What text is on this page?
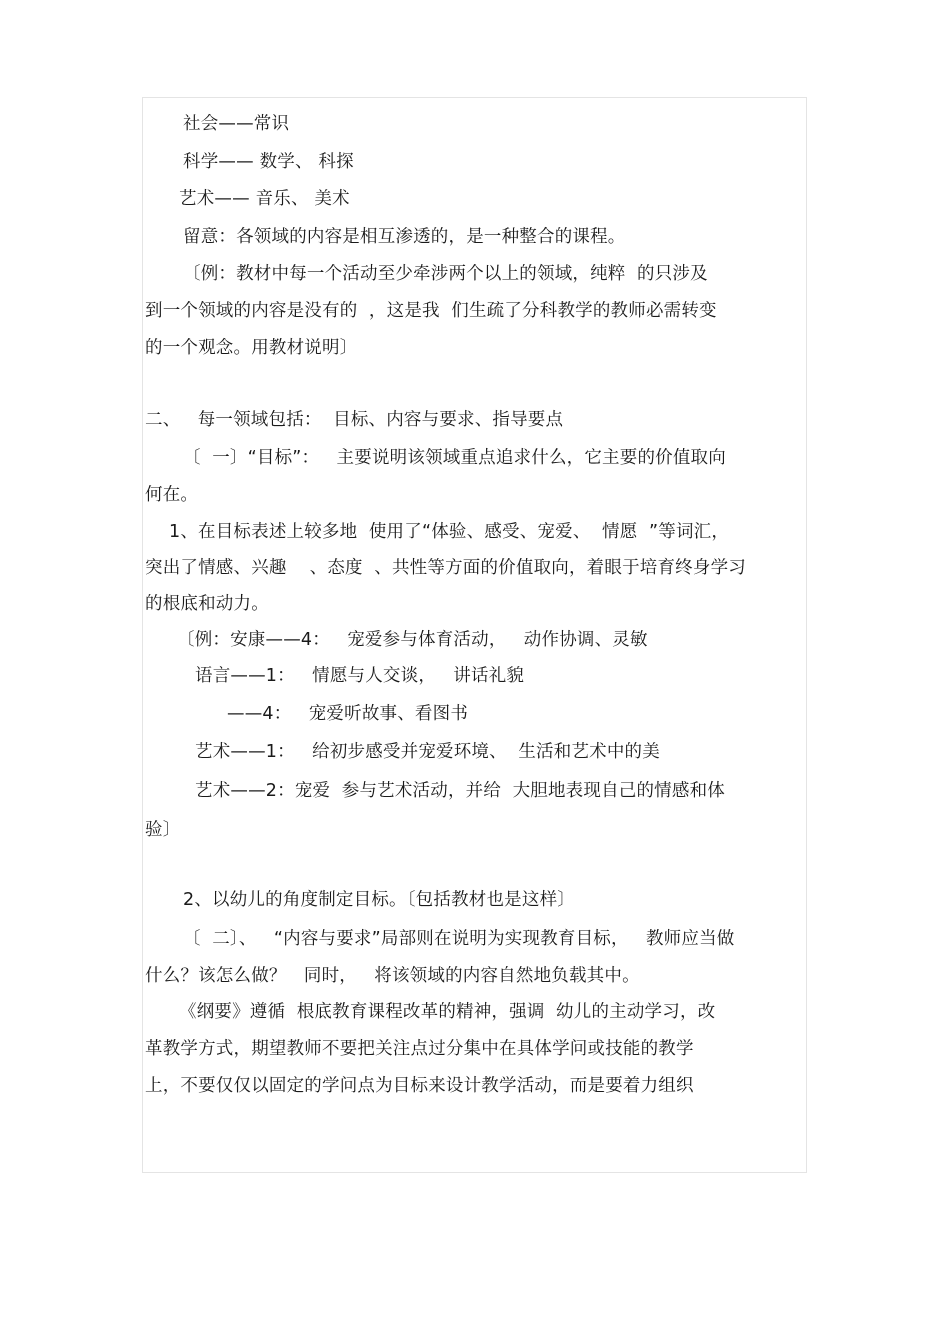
社会——常识
科学—— 数学、 科探
艺术—— 音乐、 美术
留意：各领域的内容是相互渗透的，是一种整合的课程。
〔例：教材中每一个活动至少牵涉两个以上的领域，纯粹  的只涉及
到一个领域的内容是没有的  ，这是我  们生疏了分科教学的教师必需转变
的一个观念。用教材说明〕
二、   每一领域包括：  目标、内容与要求、指导要点
〔  一〕“目标”：   主要说明该领域重点追求什么，它主要的价值取向
何在。
1、在目标表述上较多地  使用了“体验、感受、宠爱、  情愿  ”等词汇，
突出了情感、兴趣    、态度  、共性等方面的价值取向，着眼于培育终身学习
的根底和动力。
〔例：安康——4：   宠爱参与体育活动，   动作协调、灵敏
语言——1：   情愿与人交谈，   讲话礼貌
——4：   宠爱听故事、看图书
艺术——1：   给初步感受并宠爱环境、  生活和艺术中的美
艺术——2：宠爱  参与艺术活动，并给  大胆地表现自己的情感和体
验〕
2、以幼儿的角度制定目标。〔包括教材也是这样〕
〔  二〕、   “内容与要求”局部则在说明为实现教育目标，   教师应当做
什么？该怎么做？   同时，   将该领域的内容自然地负载其中。
《纲要》遵循  根底教育课程改革的精神，强调  幼儿的主动学习，改
革教学方式，期望教师不要把关注点过分集中在具体学问或技能的教学
上，不要仅仅以固定的学问点为目标来设计教学活动，而是要着力组织
